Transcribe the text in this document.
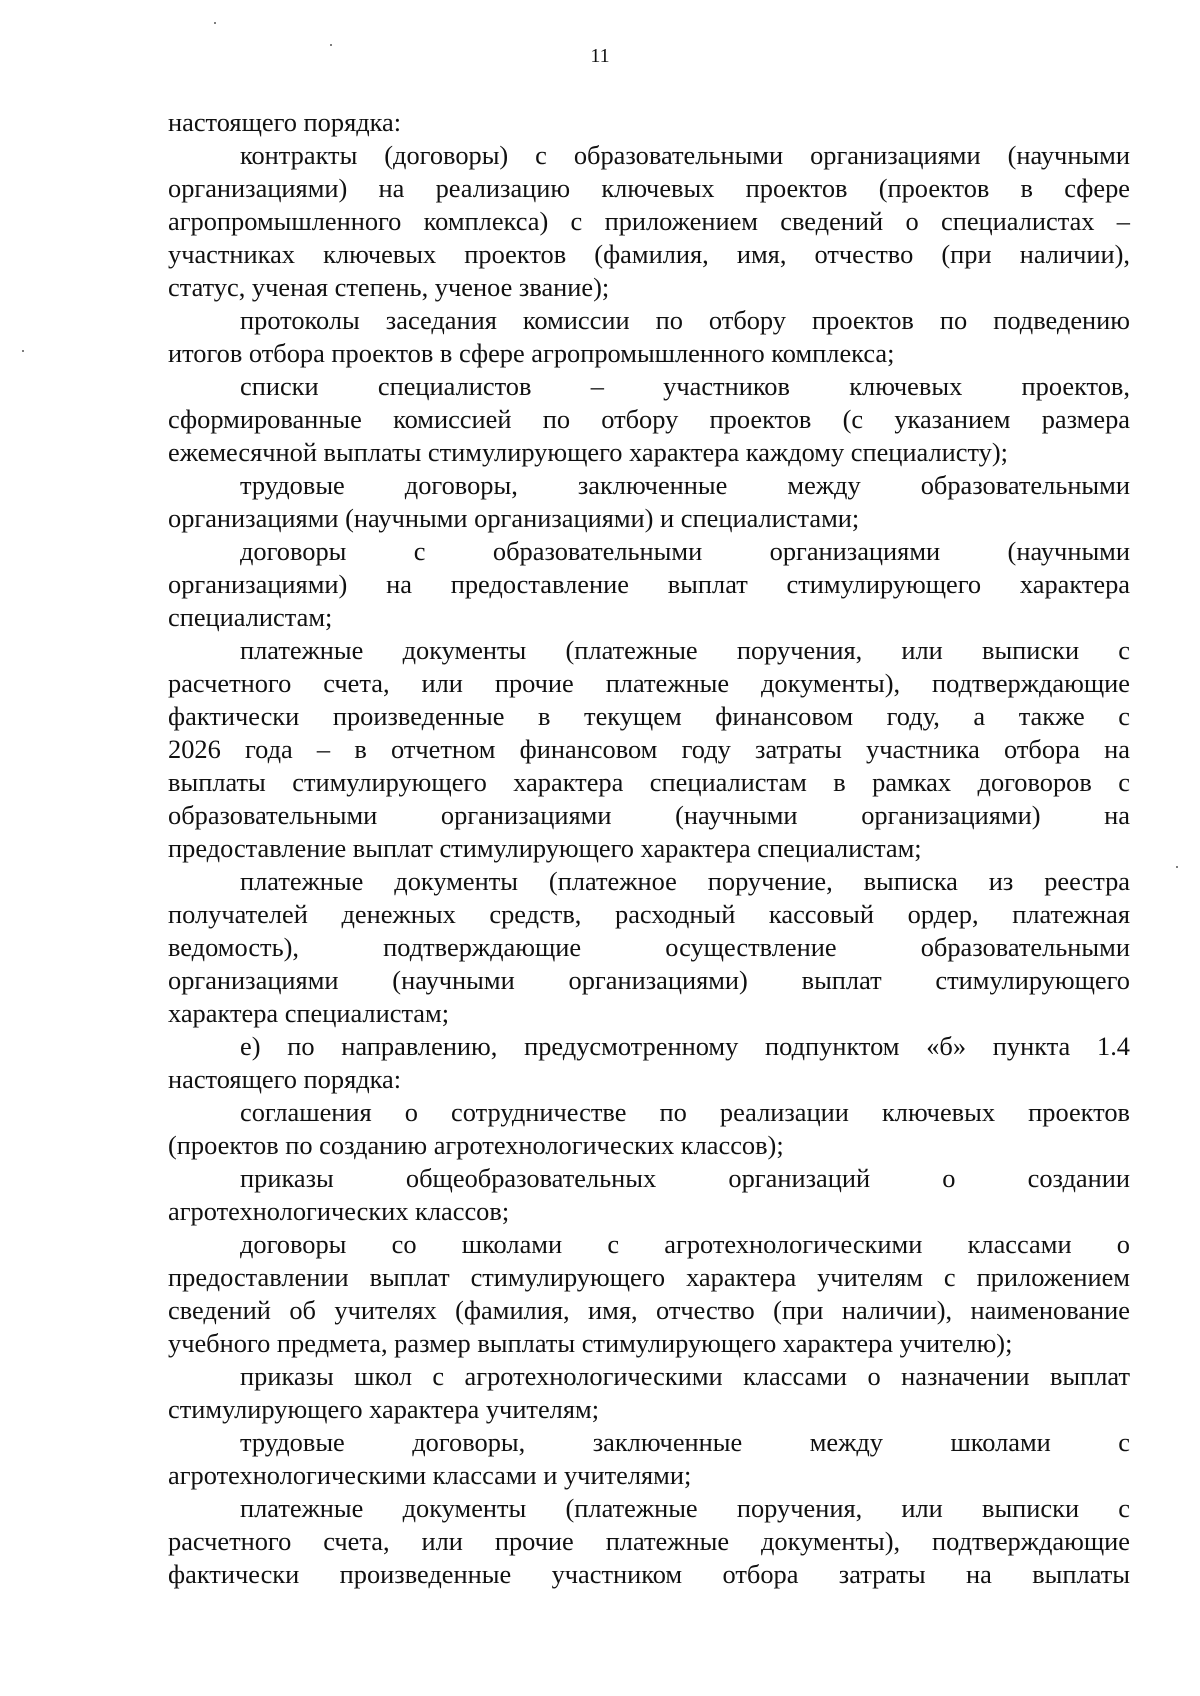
11
настоящего порядка:
контракты (договоры) с образовательными организациями (научными
организациями) на реализацию ключевых проектов (проектов в сфере
агропромышленного комплекса) с приложением сведений о специалистах –
участниках ключевых проектов (фамилия, имя, отчество (при наличии),
статус, ученая степень, ученое звание);
протоколы заседания комиссии по отбору проектов по подведению
итогов отбора проектов в сфере агропромышленного комплекса;
списки специалистов – участников ключевых проектов,
сформированные комиссией по отбору проектов (с указанием размера
ежемесячной выплаты стимулирующего характера каждому специалисту);
трудовые договоры, заключенные между образовательными
организациями (научными организациями) и специалистами;
договоры с образовательными организациями (научными
организациями) на предоставление выплат стимулирующего характера
специалистам;
платежные документы (платежные поручения, или выписки с
расчетного счета, или прочие платежные документы), подтверждающие
фактически произведенные в текущем финансовом году, а также с
2026 года – в отчетном финансовом году затраты участника отбора на
выплаты стимулирующего характера специалистам в рамках договоров с
образовательными организациями (научными организациями) на
предоставление выплат стимулирующего характера специалистам;
платежные документы (платежное поручение, выписка из реестра
получателей денежных средств, расходный кассовый ордер, платежная
ведомость), подтверждающие осуществление образовательными
организациями (научными организациями) выплат стимулирующего
характера специалистам;
е) по направлению, предусмотренному подпунктом «б» пункта 1.4
настоящего порядка:
соглашения о сотрудничестве по реализации ключевых проектов
(проектов по созданию агротехнологических классов);
приказы общеобразовательных организаций о создании
агротехнологических классов;
договоры со школами с агротехнологическими классами о
предоставлении выплат стимулирующего характера учителям с приложением
сведений об учителях (фамилия, имя, отчество (при наличии), наименование
учебного предмета, размер выплаты стимулирующего характера учителю);
приказы школ с агротехнологическими классами о назначении выплат
стимулирующего характера учителям;
трудовые договоры, заключенные между школами с
агротехнологическими классами и учителями;
платежные документы (платежные поручения, или выписки с
расчетного счета, или прочие платежные документы), подтверждающие
фактически произведенные участником отбора затраты на выплаты
